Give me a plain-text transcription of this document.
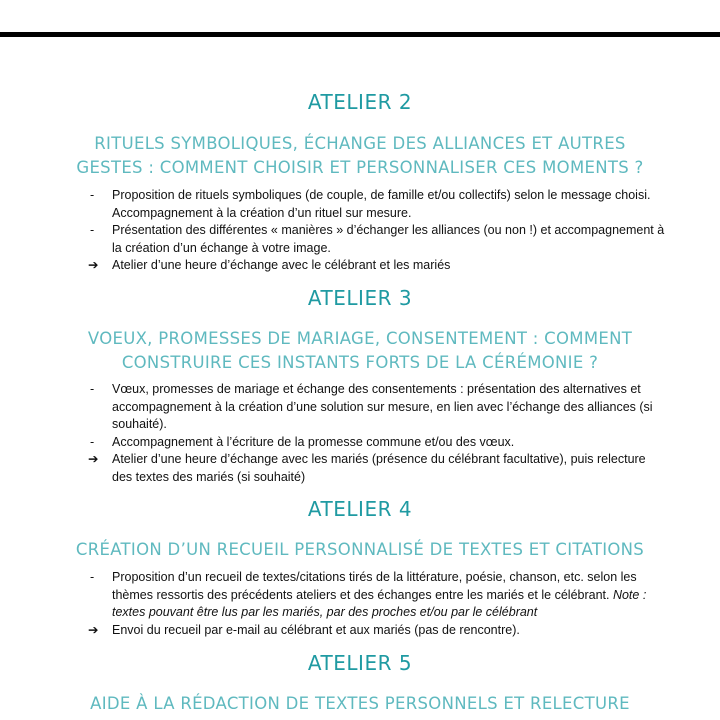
ATELIER 2
RITUELS SYMBOLIQUES, ÉCHANGE DES ALLIANCES ET AUTRES
GESTES : COMMENT CHOISIR ET PERSONNALISER CES MOMENTS ?
-	Proposition de rituels symboliques (de couple, de famille et/ou collectifs) selon le message choisi. Accompagnement à la création d’un rituel sur mesure.
-	Présentation des différentes « manières » d’échanger les alliances (ou non !) et accompagnement à la création d’un échange à votre image.
➔	Atelier d’une heure d’échange avec le célébrant et les mariés
ATELIER 3
VOEUX, PROMESSES DE MARIAGE, CONSENTEMENT : COMMENT
CONSTRUIRE CES INSTANTS FORTS DE LA CÉRÉMONIE ?
-	Vœux, promesses de mariage et échange des consentements : présentation des alternatives et accompagnement à la création d’une solution sur mesure, en lien avec l’échange des alliances (si souhaité).
-	Accompagnement à l’écriture de la promesse commune et/ou des vœux.
➔	Atelier d’une heure d’échange avec les mariés (présence du célébrant facultative), puis relecture des textes des mariés (si souhaité)
ATELIER 4
CRÉATION D’UN RECUEIL PERSONNALISÉ DE TEXTES ET CITATIONS
-	Proposition d’un recueil de textes/citations tirés de la littérature, poésie, chanson, etc. selon les thèmes ressortis des précédents ateliers et des échanges entre les mariés et le célébrant. Note : textes pouvant être lus par les mariés, par des proches et/ou par le célébrant
➔	Envoi du recueil par e-mail au célébrant et aux mariés (pas de rencontre).
ATELIER 5
AIDE À LA RÉDACTION DE TEXTES PERSONNELS ET RELECTURE
